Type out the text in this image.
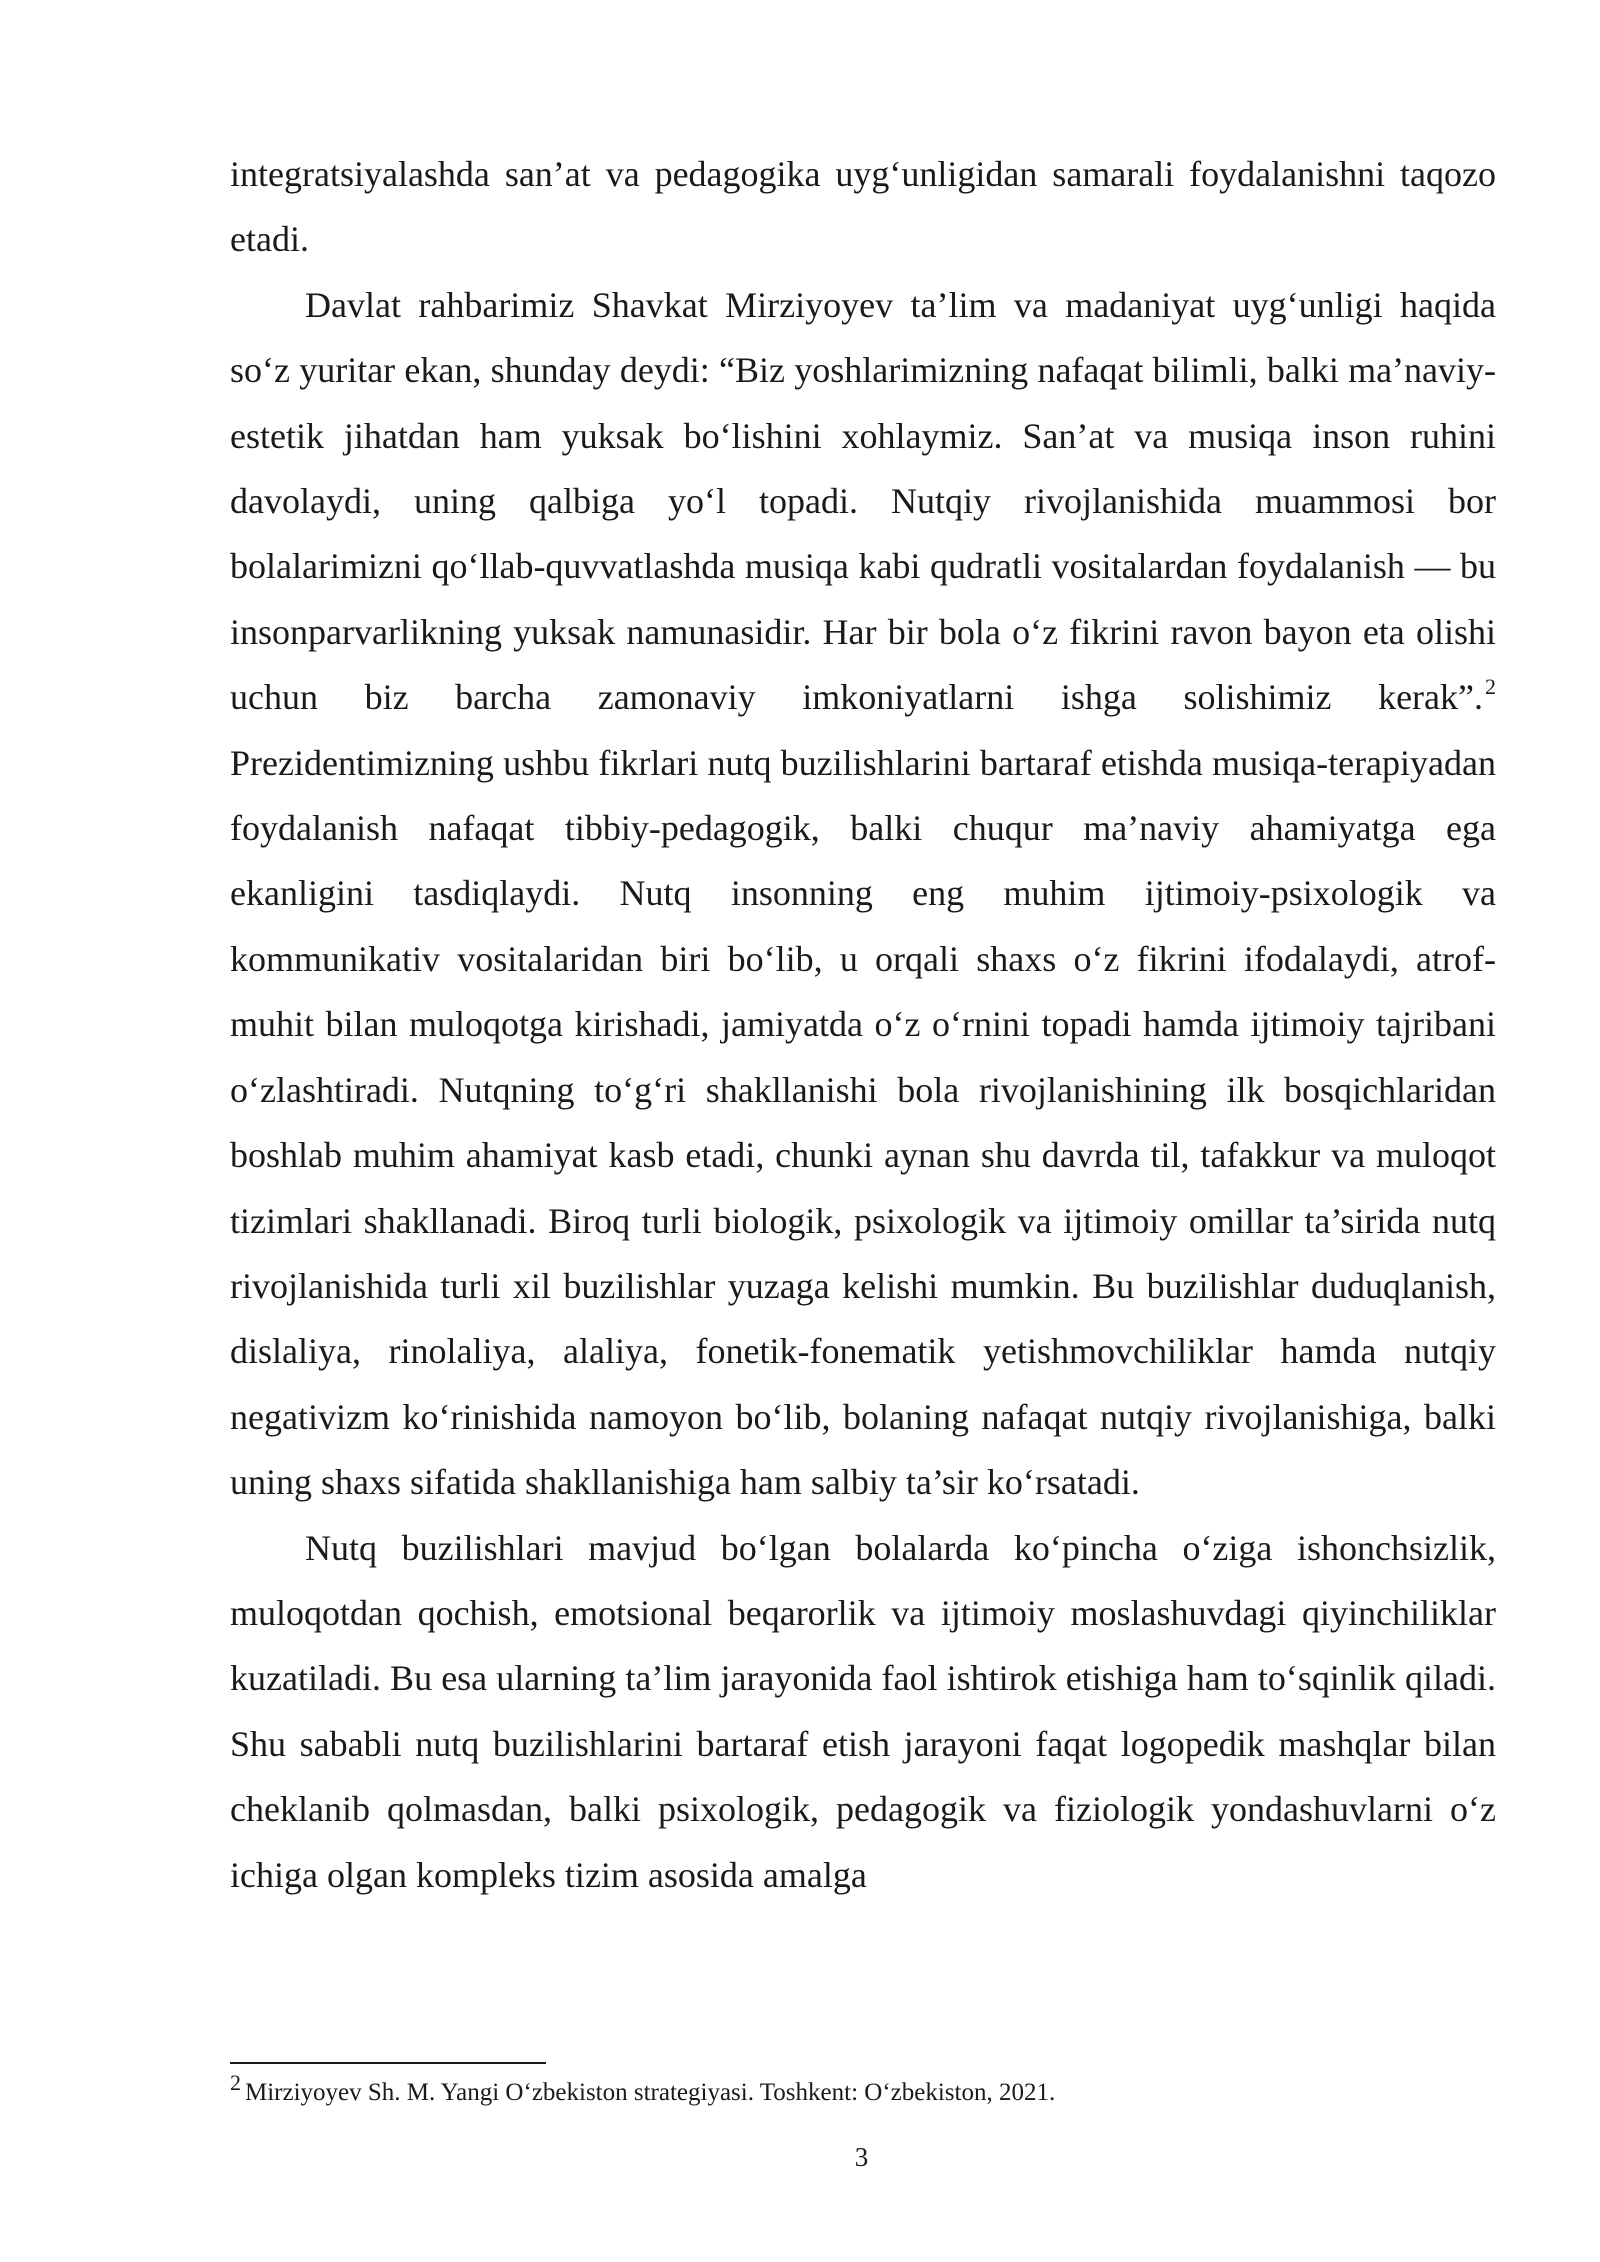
integratsiyalashda san’at va pedagogika uyg‘unligidan samarali foydalanishni taqozo etadi.

Davlat rahbarimiz Shavkat Mirziyoyev ta’lim va madaniyat uyg‘unligi haqida so‘z yuritar ekan, shunday deydi: “Biz yoshlarimizning nafaqat bilimli, balki ma’naviy-estetik jihatdan ham yuksak bo‘lishini xohlaymiz. San’at va musiqa inson ruhini davolaydi, uning qalbiga yo‘l topadi. Nutqiy rivojlanishida muammosi bor bolalarimizni qo‘llab-quvvatlashda musiqa kabi qudratli vositalardan foydalanish — bu insonparvarlikning yuksak namunasidir. Har bir bola o‘z fikrini ravon bayon eta olishi uchun biz barcha zamonaviy imkoniyatlarni ishga solishimiz kerak”.$^2$ Prezidentimizning ushbu fikrlari nutq buzilishlarini bartaraf etishda musiqa-terapiyadan foydalanish nafaqat tibbiy-pedagogik, balki chuqur ma’naviy ahamiyatga ega ekanligini tasdiqlaydi. Nutq insonning eng muhim ijtimoiy-psixologik va kommunikativ vositalaridan biri bo‘lib, u orqali shaxs o‘z fikrini ifodalaydi, atrof-muhit bilan muloqotga kirishadi, jamiyatda o‘z o‘rnini topadi hamda ijtimoiy tajribani o‘zlashtiradi. Nutqning to‘g‘ri shakllanishi bola rivojlanishining ilk bosqichlaridan boshlab muhim ahamiyat kasb etadi, chunki aynan shu davrda til, tafakkur va muloqot tizimlari shakllanadi. Biroq turli biologik, psixologik va ijtimoiy omillar ta’sirida nutq rivojlanishida turli xil buzilishlar yuzaga kelishi mumkin. Bu buzilishlar duduqlanish, dislaliya, rinolaliya, alaliya, fonetik-fonematik yetishmovchiliklar hamda nutqiy negativizm ko‘rinishida namoyon bo‘lib, bolaning nafaqat nutqiy rivojlanishiga, balki uning shaxs sifatida shakllanishiga ham salbiy ta’sir ko‘rsatadi.

Nutq buzilishlari mavjud bo‘lgan bolalarda ko‘pincha o‘ziga ishonchsizlik, muloqotdan qochish, emotsional beqarorlik va ijtimoiy moslashuvdagi qiyinchiliklar kuzatiladi. Bu esa ularning ta’lim jarayonida faol ishtirok etishiga ham to‘sqinlik qiladi. Shu sababli nutq buzilishlarini bartaraf etish jarayoni faqat logopedik mashqlar bilan cheklanib qolmasdan, balki psixologik, pedagogik va fiziologik yondashuvlarni o‘z ichiga olgan kompleks tizim asosida amalga

$^2$ Mirziyoyev Sh. M. Yangi O‘zbekiston strategiyasi. Toshkent: O‘zbekiston, 2021.
3
